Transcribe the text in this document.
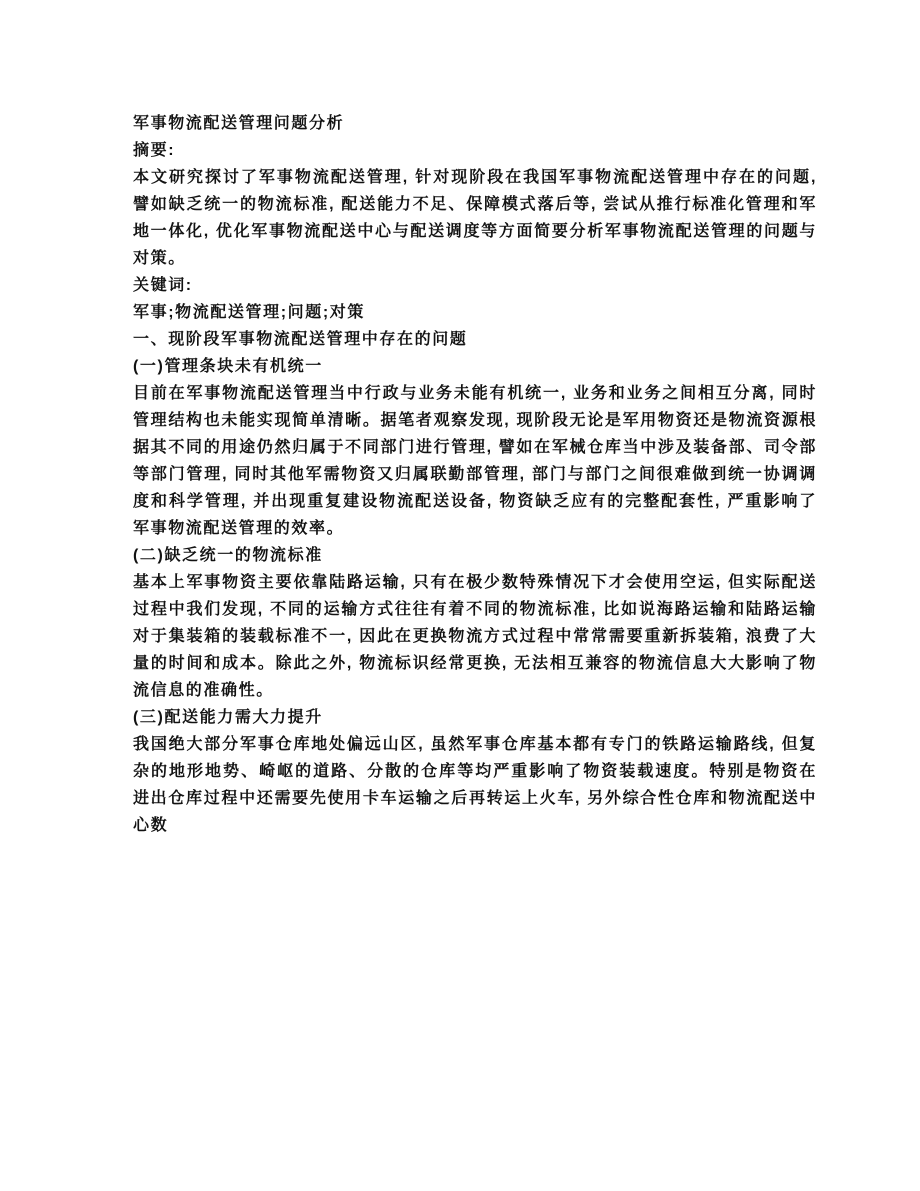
军事物流配送管理问题分析

摘要:

本文研究探讨了军事物流配送管理, 针对现阶段在我国军事物流配送管理中存在的问题, 譬如缺乏统一的物流标准, 配送能力不足、保障模式落后等, 尝试从推行标准化管理和军地一体化, 优化军事物流配送中心与配送调度等方面简要分析军事物流配送管理的问题与对策。

关键词:

军事;物流配送管理;问题;对策

一、现阶段军事物流配送管理中存在的问题

(一)管理条块未有机统一

目前在军事物流配送管理当中行政与业务未能有机统一, 业务和业务之间相互分离, 同时管理结构也未能实现简单清晰。据笔者观察发现, 现阶段无论是军用物资还是物流资源根据其不同的用途仍然归属于不同部门进行管理, 譬如在军械仓库当中涉及装备部、司令部等部门管理, 同时其他军需物资又归属联勤部管理, 部门与部门之间很难做到统一协调调度和科学管理, 并出现重复建设物流配送设备, 物资缺乏应有的完整配套性, 严重影响了军事物流配送管理的效率。

(二)缺乏统一的物流标准

基本上军事物资主要依靠陆路运输, 只有在极少数特殊情况下才会使用空运, 但实际配送过程中我们发现, 不同的运输方式往往有着不同的物流标准, 比如说海路运输和陆路运输对于集装箱的装载标准不一, 因此在更换物流方式过程中常常需要重新拆装箱, 浪费了大量的时间和成本。除此之外, 物流标识经常更换, 无法相互兼容的物流信息大大影响了物流信息的准确性。

(三)配送能力需大力提升

我国绝大部分军事仓库地处偏远山区, 虽然军事仓库基本都有专门的铁路运输路线, 但复杂的地形地势、崎岖的道路、分散的仓库等均严重影响了物资装载速度。特别是物资在进出仓库过程中还需要先使用卡车运输之后再转运上火车, 另外综合性仓库和物流配送中心数
